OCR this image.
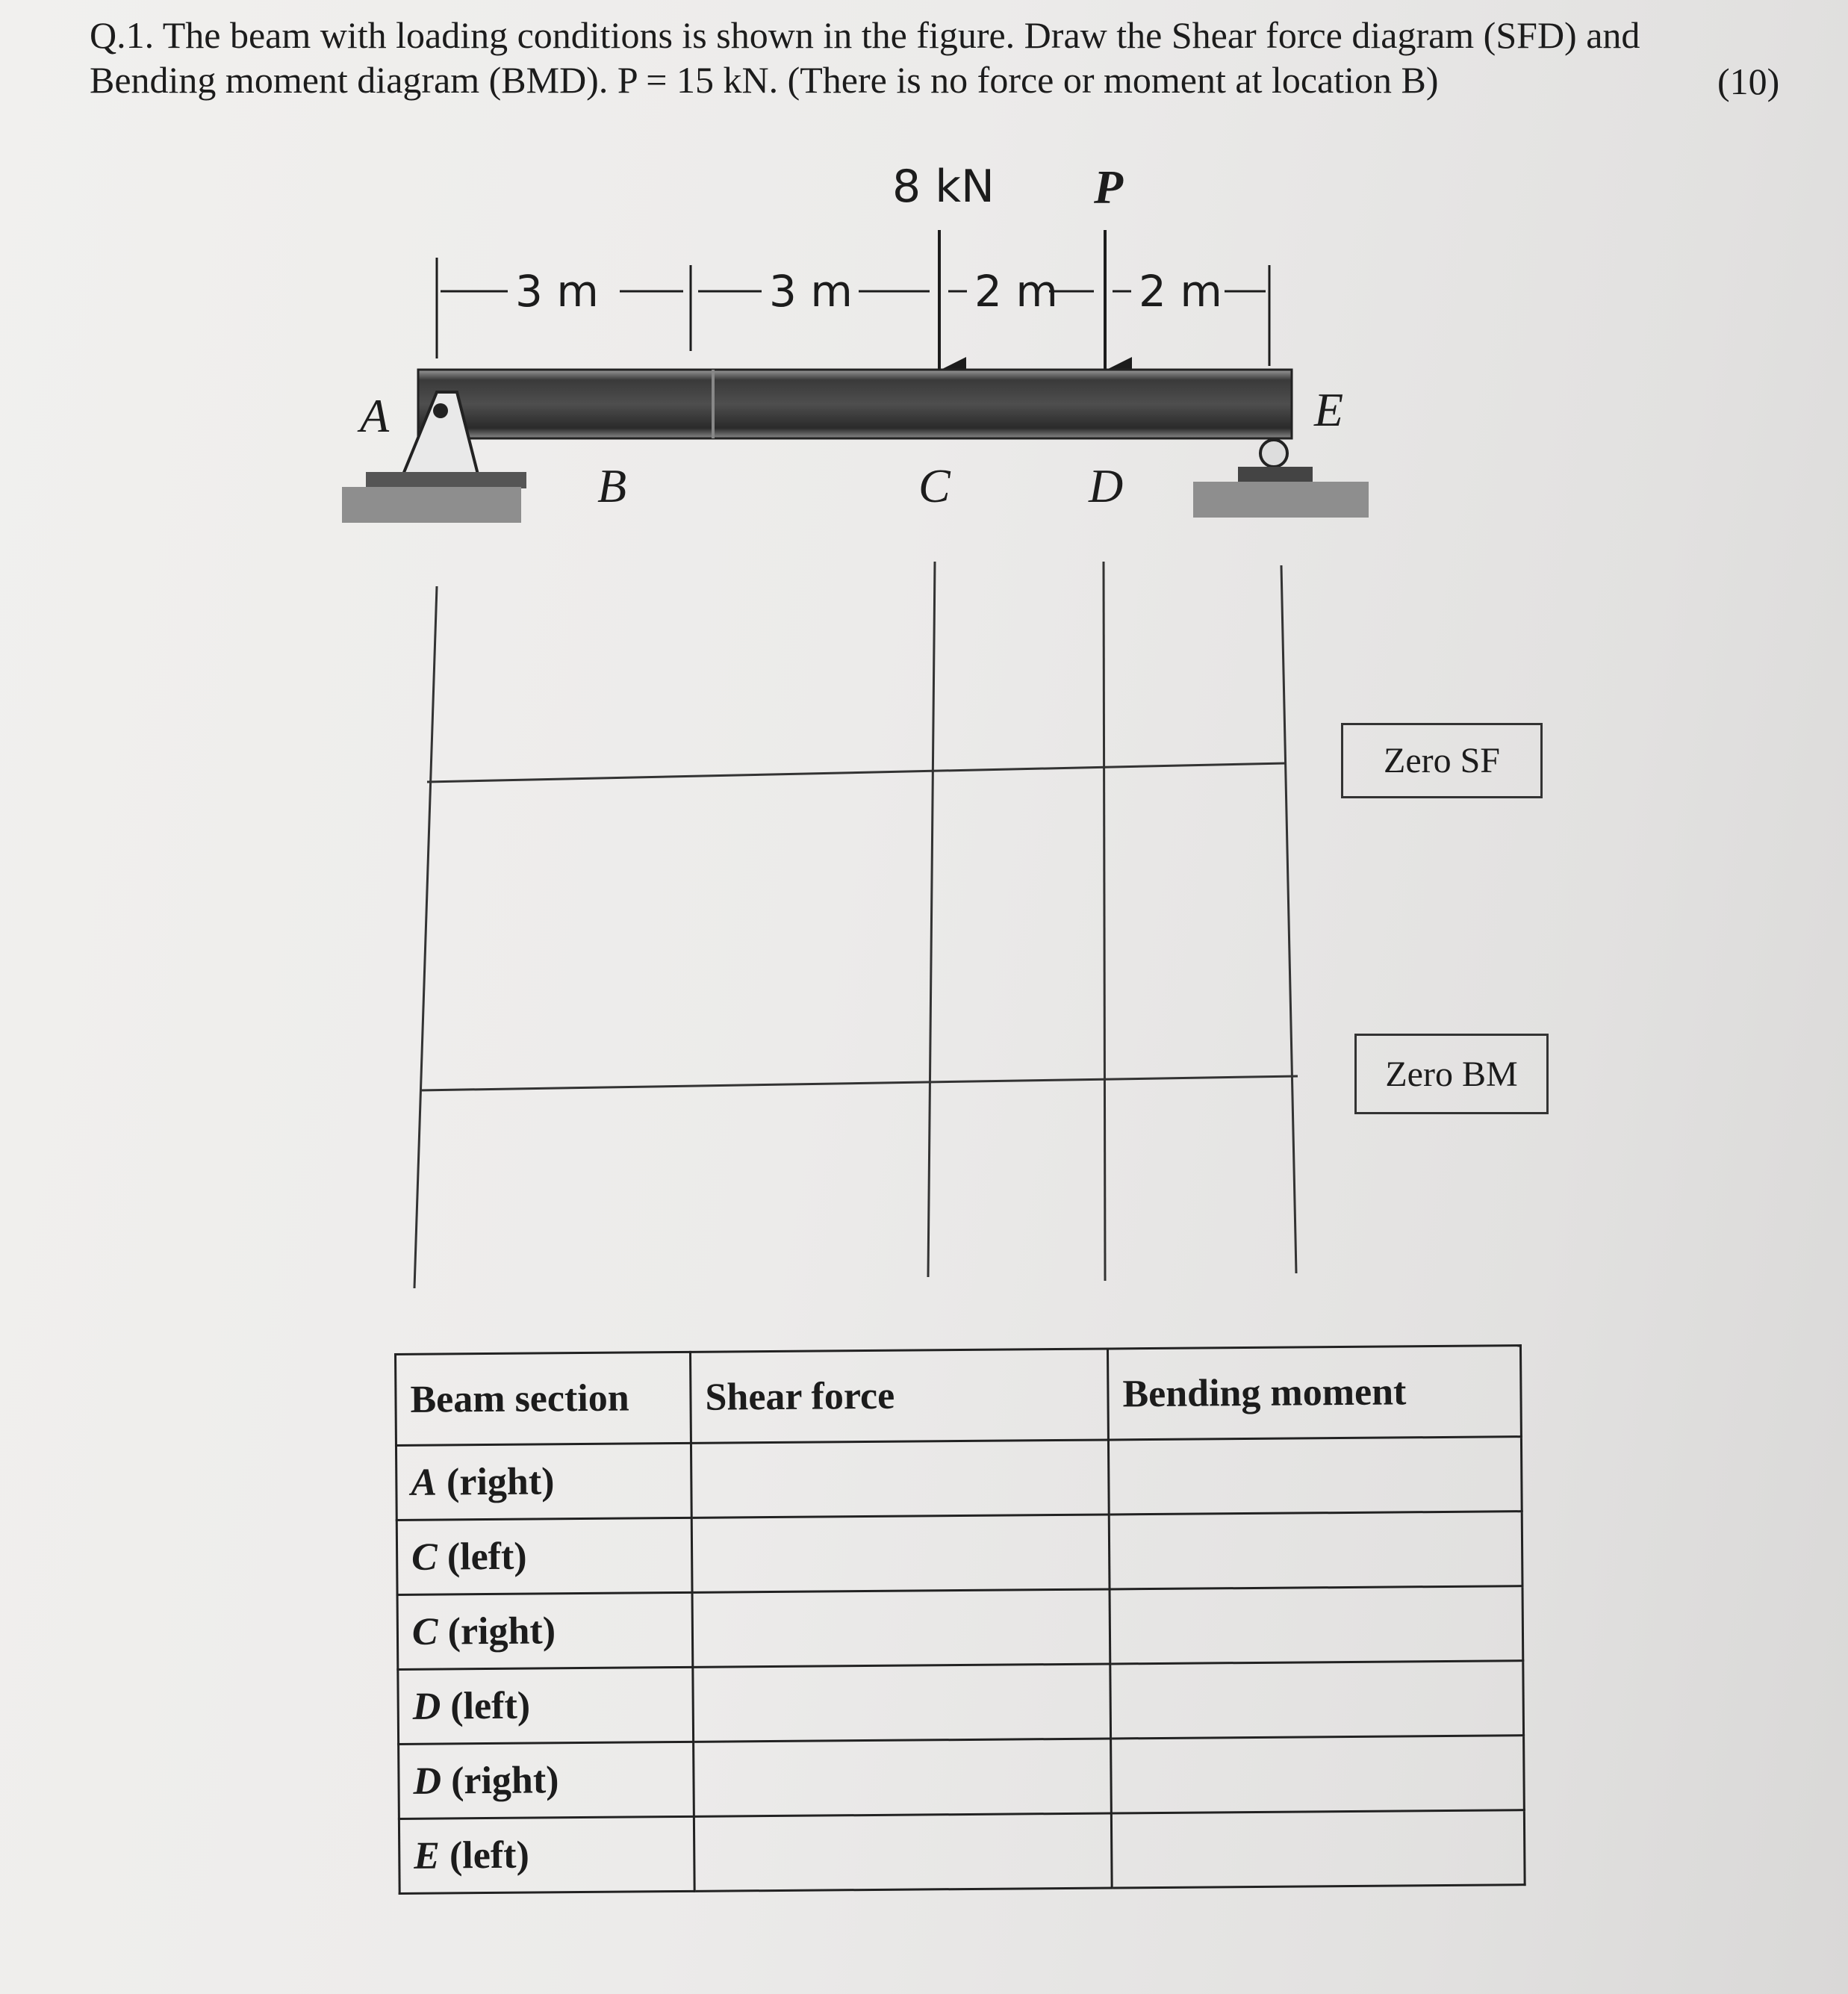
Q.1. The beam with loading conditions is shown in the figure. Draw the Shear force diagram (SFD) and
Bending moment diagram (BMD). P = 15 kN. (There is no force or moment at location B)	(10)
8 kN P
3 m	3 m	2 m 2 m
A
B	C	D
E
Zero SF
Zero BM
Beam section	Shear force	Bending moment
A (right)		
C (left)		
C (right)		
D (left)		
D (right)		
E (left)		
